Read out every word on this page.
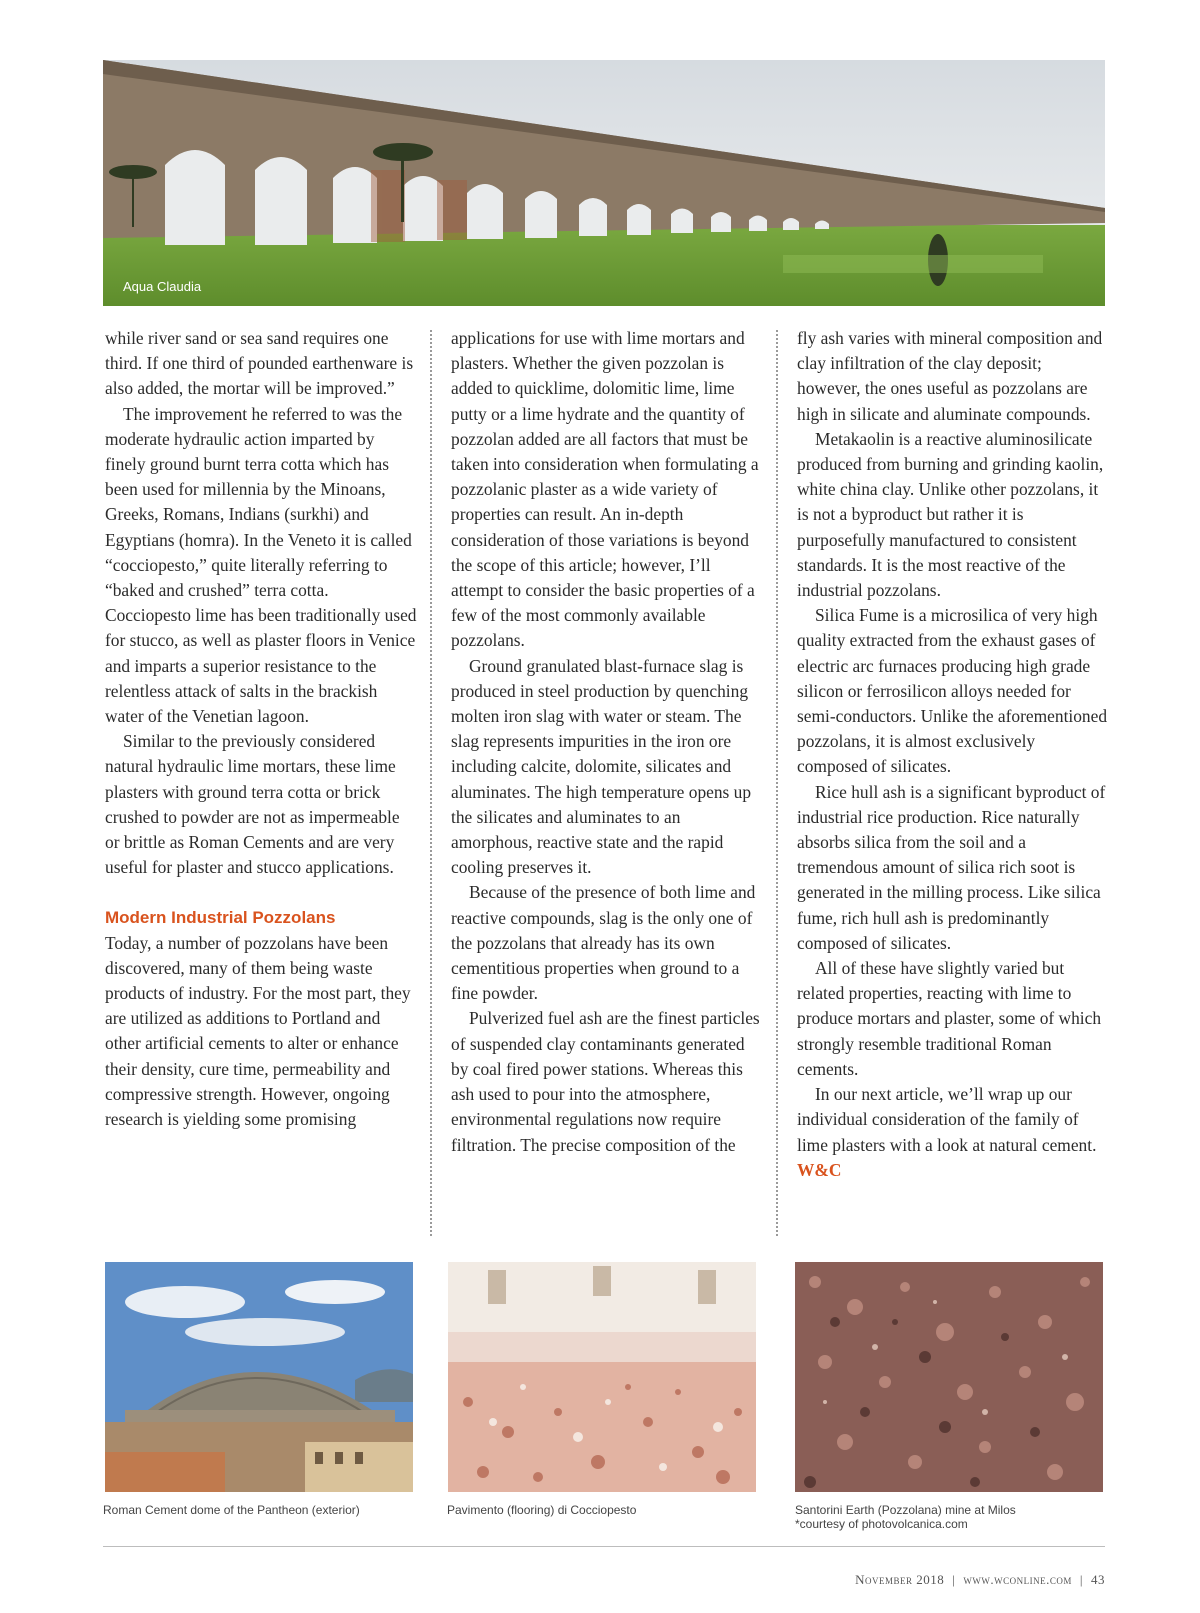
Aqua Claudia

while river sand or sea sand requires one third. If one third of pounded earthenware is also added, the mortar will be improved.”

The improvement he referred to was the moderate hydraulic action imparted by finely ground burnt terra cotta which has been used for millennia by the Minoans, Greeks, Romans, Indians (surkhi) and Egyptians (homra). In the Veneto it is called “cocciopesto,” quite literally referring to “baked and crushed” terra cotta. Cocciopesto lime has been traditionally used for stucco, as well as plaster floors in Venice and imparts a superior resistance to the relentless attack of salts in the brackish water of the Venetian lagoon.

Similar to the previously considered natural hydraulic lime mortars, these lime plasters with ground terra cotta or brick crushed to powder are not as impermeable or brittle as Roman Cements and are very useful for plaster and stucco applications.

Modern Industrial Pozzolans

Today, a number of pozzolans have been discovered, many of them being waste products of industry. For the most part, they are utilized as additions to Portland and other artificial cements to alter or enhance their density, cure time, permeability and compressive strength. However, ongoing research is yielding some promising

applications for use with lime mortars and plasters. Whether the given pozzolan is added to quicklime, dolomitic lime, lime putty or a lime hydrate and the quantity of pozzolan added are all factors that must be taken into consideration when formulating a pozzolanic plaster as a wide variety of properties can result. An in-depth consideration of those variations is beyond the scope of this article; however, I’ll attempt to consider the basic properties of a few of the most commonly available pozzolans.

Ground granulated blast-furnace slag is produced in steel production by quenching molten iron slag with water or steam. The slag represents impurities in the iron ore including calcite, dolomite, silicates and aluminates. The high temperature opens up the silicates and aluminates to an amorphous, reactive state and the rapid cooling preserves it.

Because of the presence of both lime and reactive compounds, slag is the only one of the pozzolans that already has its own cementitious properties when ground to a fine powder.

Pulverized fuel ash are the finest particles of suspended clay contaminants generated by coal fired power stations. Whereas this ash used to pour into the atmosphere, environmental regulations now require filtration. The precise composition of the

fly ash varies with mineral composition and clay infiltration of the clay deposit; however, the ones useful as pozzolans are high in silicate and aluminate compounds.

Metakaolin is a reactive aluminosilicate produced from burning and grinding kaolin, white china clay. Unlike other pozzolans, it is not a byproduct but rather it is purposefully manufactured to consistent standards. It is the most reactive of the industrial pozzolans.

Silica Fume is a microsilica of very high quality extracted from the exhaust gases of electric arc furnaces producing high grade silicon or ferrosilicon alloys needed for semi-conductors. Unlike the aforementioned pozzolans, it is almost exclusively composed of silicates.

Rice hull ash is a significant byproduct of industrial rice production. Rice naturally absorbs silica from the soil and a tremendous amount of silica rich soot is generated in the milling process. Like silica fume, rich hull ash is predominantly composed of silicates.

All of these have slightly varied but related properties, reacting with lime to produce mortars and plaster, some of which strongly resemble traditional Roman cements.

In our next article, we’ll wrap up our individual consideration of the family of lime plasters with a look at natural cement. W&C

Roman Cement dome of the Pantheon (exterior)	Pavimento (flooring) di Cocciopesto	Santorini Earth (Pozzolana) mine at Milos
*courtesy of photovolcanica.com
November 2018 | www.wconline.com | 43
